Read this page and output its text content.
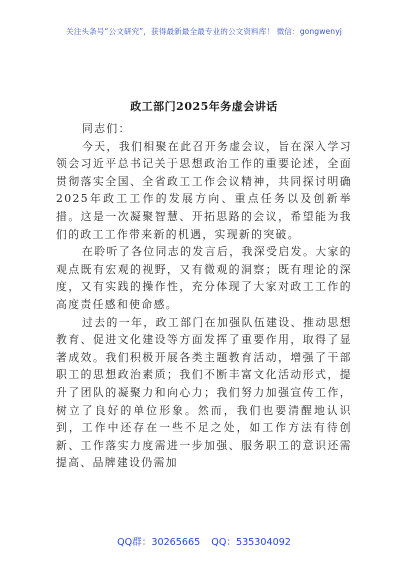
关注头条号“公文研究”，获得最新最全最专业的公文资料库！ 微信：gongwenyj
政工部门2025年务虚会讲话

同志们：

今天，我们相聚在此召开务虚会议，旨在深入学习领会习近平总书记关于思想政治工作的重要论述，全面贯彻落实全国、全省政工工作会议精神，共同探讨明确2025年政工工作的发展方向、重点任务以及创新举措。这是一次凝聚智慧、开拓思路的会议，希望能为我们的政工工作带来新的机遇，实现新的突破。

在聆听了各位同志的发言后，我深受启发。大家的观点既有宏观的视野，又有微观的洞察；既有理论的深度，又有实践的操作性，充分体现了大家对政工工作的高度责任感和使命感。

过去的一年，政工部门在加强队伍建设、推动思想教育、促进文化建设等方面发挥了重要作用，取得了显著成效。我们积极开展各类主题教育活动，增强了干部职工的思想政治素质；我们不断丰富文化活动形式，提升了团队的凝聚力和向心力；我们努力加强宣传工作，树立了良好的单位形象。然而，我们也要清醒地认识到，工作中还存在一些不足之处，如工作方法有待创新、工作落实力度需进一步加强、服务职工的意识还需提高、品牌建设仍需加

QQ群：30265665 QQ：535304092
